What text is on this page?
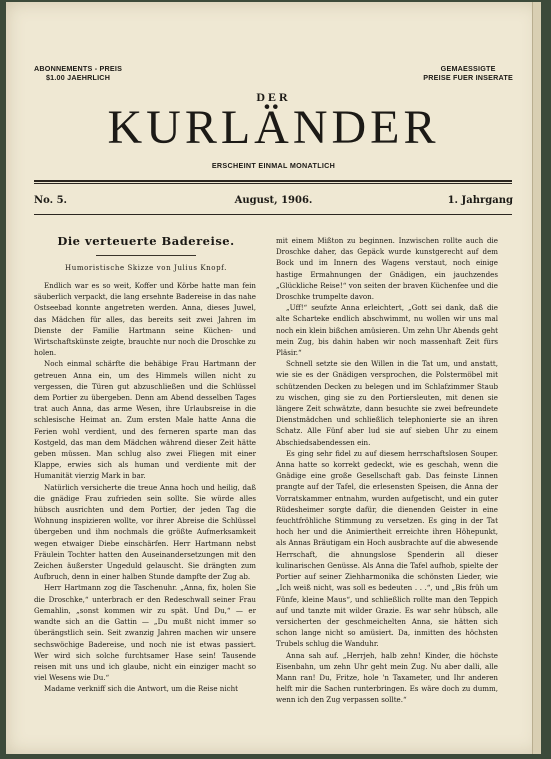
ABONNEMENTS - PREIS
$1.00 JAEHRLICH
GEMAESSIGTE
PREISE FUER INSERATE
DER
KURLÄNDER
ERSCHEINT EINMAL MONATLICH
No. 5.	August, 1906.	1. Jahrgang
Die verteuerte Badereise.
Humoristische Skizze von Julius Knopf.

Endlich war es so weit, Koffer und Körbe hatte man fein säuberlich verpackt, die lang ersehnte Badereise in das nahe Ostseebad konnte angetreten werden. Anna, dieses Juwel, das Mädchen für alles, das bereits seit zwei Jahren im Dienste der Familie Hartmann seine Küchen- und Wirtschaftskünste zeigte, brauchte nur noch die Droschke zu holen.

Noch einmal schärfte die behäbige Frau Hartmann der getreuen Anna ein, um des Himmels willen nicht zu vergessen, die Türen gut abzuschließen und die Schlüssel dem Portier zu übergeben. Denn am Abend desselben Tages trat auch Anna, das arme Wesen, ihre Urlaubsreise in die schlesische Heimat an. Zum ersten Male hatte Anna die Ferien wohl verdient, und des ferneren sparte man das Kostgeld, das man dem Mädchen während dieser Zeit hätte geben müssen. Man schlug also zwei Fliegen mit einer Klappe, erwies sich als human und verdiente mit der Humanität vierzig Mark in bar.

Natürlich versicherte die treue Anna hoch und heilig, daß die gnädige Frau zufrieden sein sollte. Sie würde alles hübsch ausrichten und dem Portier, der jeden Tag die Wohnung inspizieren wollte, vor ihrer Abreise die Schlüssel übergeben und ihm nochmals die größte Aufmerksamkeit wegen etwaiger Diebe einschärfen. Herr Hartmann nebst Fräulein Tochter hatten den Auseinandersetzungen mit den Zeichen äußerster Ungeduld gelauscht. Sie drängten zum Aufbruch, denn in einer halben Stunde dampfte der Zug ab.

Herr Hartmann zog die Taschenuhr. „Anna, fix, holen Sie die Droschke,“ unterbrach er den Redeschwall seiner Frau Gemahlin, „sonst kommen wir zu spät. Und Du,“ — er wandte sich an die Gattin — „Du mußt nicht immer so überängstlich sein. Seit zwanzig Jahren machen wir unsere sechswöchige Badereise, und noch nie ist etwas passiert. Wer wird sich solche furchtsamer Hase sein! Tausende reisen mit uns und ich glaube, nicht ein einziger macht so viel Wesens wie Du.“

Madame verkniff sich die Antwort, um die Reise nicht

mit einem Mißton zu beginnen. Inzwischen rollte auch die Droschke daher, das Gepäck wurde kunstgerecht auf dem Bock und im Innern des Wagens verstaut, noch einige hastige Ermahnungen der Gnädigen, ein jauchzendes „Glückliche Reise!“ von seiten der braven Küchenfee und die Droschke trumpelte davon.

„Uff!“ seufzte Anna erleichtert, „Gott sei dank, daß die alte Scharteke endlich abschwimmt, nu wollen wir uns mal noch ein klein bißchen amüsieren. Um zehn Uhr Abends geht mein Zug, bis dahin haben wir noch massenhaft Zeit fürs Pläsir.“

Schnell setzte sie den Willen in die Tat um, und anstatt, wie sie es der Gnädigen versprochen, die Polstermöbel mit schützenden Decken zu belegen und im Schlafzimmer Staub zu wischen, ging sie zu den Portiersleuten, mit denen sie längere Zeit schwätzte, dann besuchte sie zwei befreundete Dienstmädchen und schließlich telephonierte sie an ihren Schatz. Alle Fünf aber lud sie auf sieben Uhr zu einem Abschiedsabendessen ein.

Es ging sehr fidel zu auf diesem herrschaftslosen Souper. Anna hatte so korrekt gedeckt, wie es geschah, wenn die Gnädige eine große Gesellschaft gab. Das feinste Linnen prangte auf der Tafel, die erlesensten Speisen, die Anna der Vorratskammer entnahm, wurden aufgetischt, und ein guter Rüdesheimer sorgte dafür, die dienenden Geister in eine feuchtfröhliche Stimmung zu versetzen. Es ging in der Tat hoch her und die Animiertheit erreichte ihren Höhepunkt, als Annas Bräutigam ein Hoch ausbrachte auf die abwesende Herrschaft, die ahnungslose Spenderin all dieser kulinarischen Genüsse. Als Anna die Tafel aufhob, spielte der Portier auf seiner Ziehharmonika die schönsten Lieder, wie „Ich weiß nicht, was soll es bedeuten . . .“, und „Bis früh um Fünfe, kleine Maus“, und schließlich rollte man den Teppich auf und tanzte mit wilder Grazie. Es war sehr hübsch, alle versicherten der geschmeichelten Anna, sie hätten sich schon lange nicht so amüsiert. Da, inmitten des höchsten Trubels schlug die Wanduhr.

Anna sah auf. „Herrjeh, halb zehn! Kinder, die höchste Eisenbahn, um zehn Uhr geht mein Zug. Nu aber dalli, alle Mann ran! Du, Fritze, hole 'n Taxameter, und Ihr anderen helft mir die Sachen runterbringen. Es wäre doch zu dumm, wenn ich den Zug verpassen sollte.“
